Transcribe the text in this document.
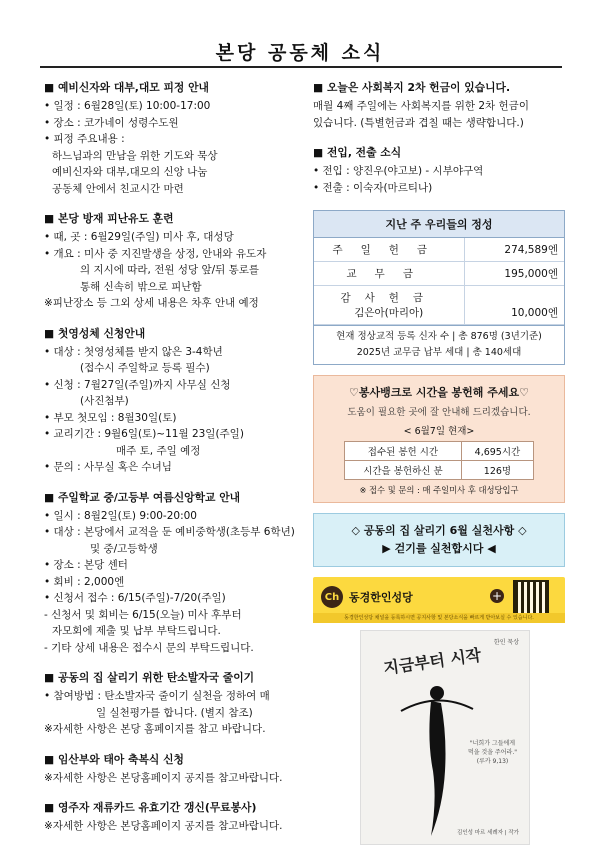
본당 공동체 소식
■ 예비신자와 대부,대모 피정 안내
• 일정 : 6월28일(토) 10:00-17:00
• 장소 : 코가네이 성령수도원
• 피정 주요내용 :
하느님과의 만남을 위한 기도와 묵상
예비신자와 대부,대모의 신앙 나눔
공동체 안에서 친교시간 마련
■ 본당 방재 피난유도 훈련
• 때, 곳 : 6월29일(주일) 미사 후, 대성당
• 개요 : 미사 중 지진발생을 상정, 안내와 유도자
의 지시에 따라, 전원 성당 앞/뒤 통로를
통해 신속히 밖으로 피난함
※피난장소 등 그외 상세 내용은 차후 안내 예정
■ 첫영성체 신청안내
• 대상 : 첫영성체를 받지 않은 3-4학년
(접수시 주일학교 등록 필수)
• 신청 : 7월27일(주일)까지 사무실 신청
(사진첨부)
• 부모 첫모임 : 8월30일(토)
• 교리기간 : 9월6일(토)~11월 23일(주일)
매주 토, 주일 예정
• 문의 : 사무실 혹은 수녀님
■ 주일학교 중/고등부 여름신앙학교 안내
• 일시 : 8월2일(토) 9:00-20:00
• 대상 : 본당에서 교적을 둔 예비중학생(초등부 6학년)
및 중/고등학생
• 장소 : 본당 센터
• 회비 : 2,000엔
• 신청서 접수 : 6/15(주일)-7/20(주일)
- 신청서 및 회비는 6/15(오늘) 미사 후부터
자모회에 제출 및 납부 부탁드립니다.
- 기타 상세 내용은 접수시 문의 부탁드립니다.
■ 공동의 집 살리기 위한 탄소발자국 줄이기
• 참여방법 : 탄소발자국 줄이기 실천을 정하여 매
일 실천평가를 합니다. (별지 참조)
※자세한 사항은 본당 홈페이지를 참고 바랍니다.
■ 임산부와 태아 축복식 신청
※자세한 사항은 본당홈페이지 공지를 참고바랍니다.
■ 영주자 재류카드 유효기간 갱신(무료봉사)
※자세한 사항은 본당홈페이지 공지를 참고바랍니다.
■ 오늘은 사회복지 2차 헌금이 있습니다.
매월 4째 주일에는 사회복지를 위한 2차 헌금이
있습니다. (특별헌금과 겹칠 때는 생략합니다.)
■ 전입, 전출 소식
• 전입 : 양진우(야고보) - 시부야구역
• 전출 : 이숙자(마르티나)
지난 주 우리들의 정성
주일헌금	274,589엔
교무금	195,000엔

감사헌금
김은아(마리아)	10,000엔
현재 정상교적 등록 신자 수 | 총 876명 (3년기준)
2025년 교무금 납부 세대 | 총 140세대
♡봉사뱅크로 시간을 봉헌해 주세요♡
도움이 필요한 곳에 잘 안내해 드리겠습니다.
< 6월7일 현재>
접수된 봉헌 시간	4,695시간
시간을 봉헌하신 분	126명
※ 접수 및 문의 : 매 주일미사 후 대성당입구
◇ 공동의 집 살리기 6월 실천사항 ◇
▶ 걷기를 실천합시다 ◀
Ch 동경한인성당	+
동경한인성당 채널을 등록하시면 공지사항 및 본당소식을 빠르게 받아보실 수 있습니다.
한인 묵상
지금부터 시작
"너희가 그들에게
먹을 것을 주어라."
(루카 9,13)
김인성 마르 세례자 | 작가
